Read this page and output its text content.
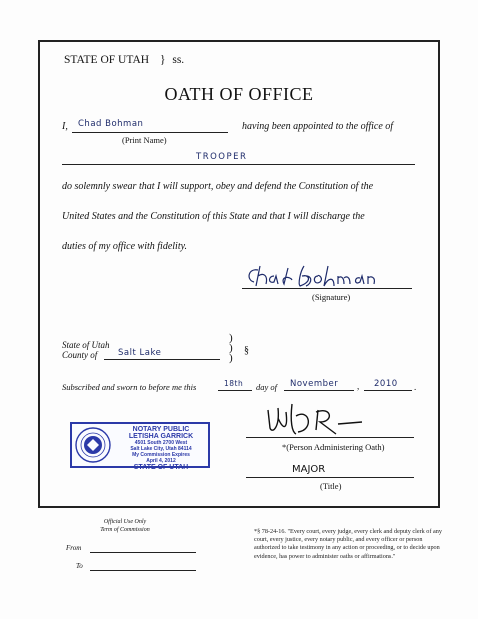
STATE OF UTAH } ss.
OATH OF OFFICE
I, Chad Bohman
(Print Name)
having been appointed to the office of
TROOPER
do solemnly swear that I will support, obey and defend the Constitution of the
United States and the Constitution of this State and that I will discharge the
duties of my office with fidelity.
(Signature)
State of Utah
County of Salt Lake
)
)
)
§
Subscribed and sworn to before me this	18th day of November , 2010 .
NOTARY PUBLIC
LETISHA GARRICK
4501 South 2700 West
Salt Lake City, Utah 84114
My Commission Expires
April 4, 2012
STATE OF UTAH
*(Person Administering Oath)
MAJOR
(Title)
Official Use Only
Term of Commission
From
To
*§ 78-24-16. "Every court, every judge, every clerk and deputy clerk of any court, every justice, every notary public, and every officer or person authorized to take testimony in any action or proceeding, or to decide upon evidence, has power to administer oaths or affirmations."
